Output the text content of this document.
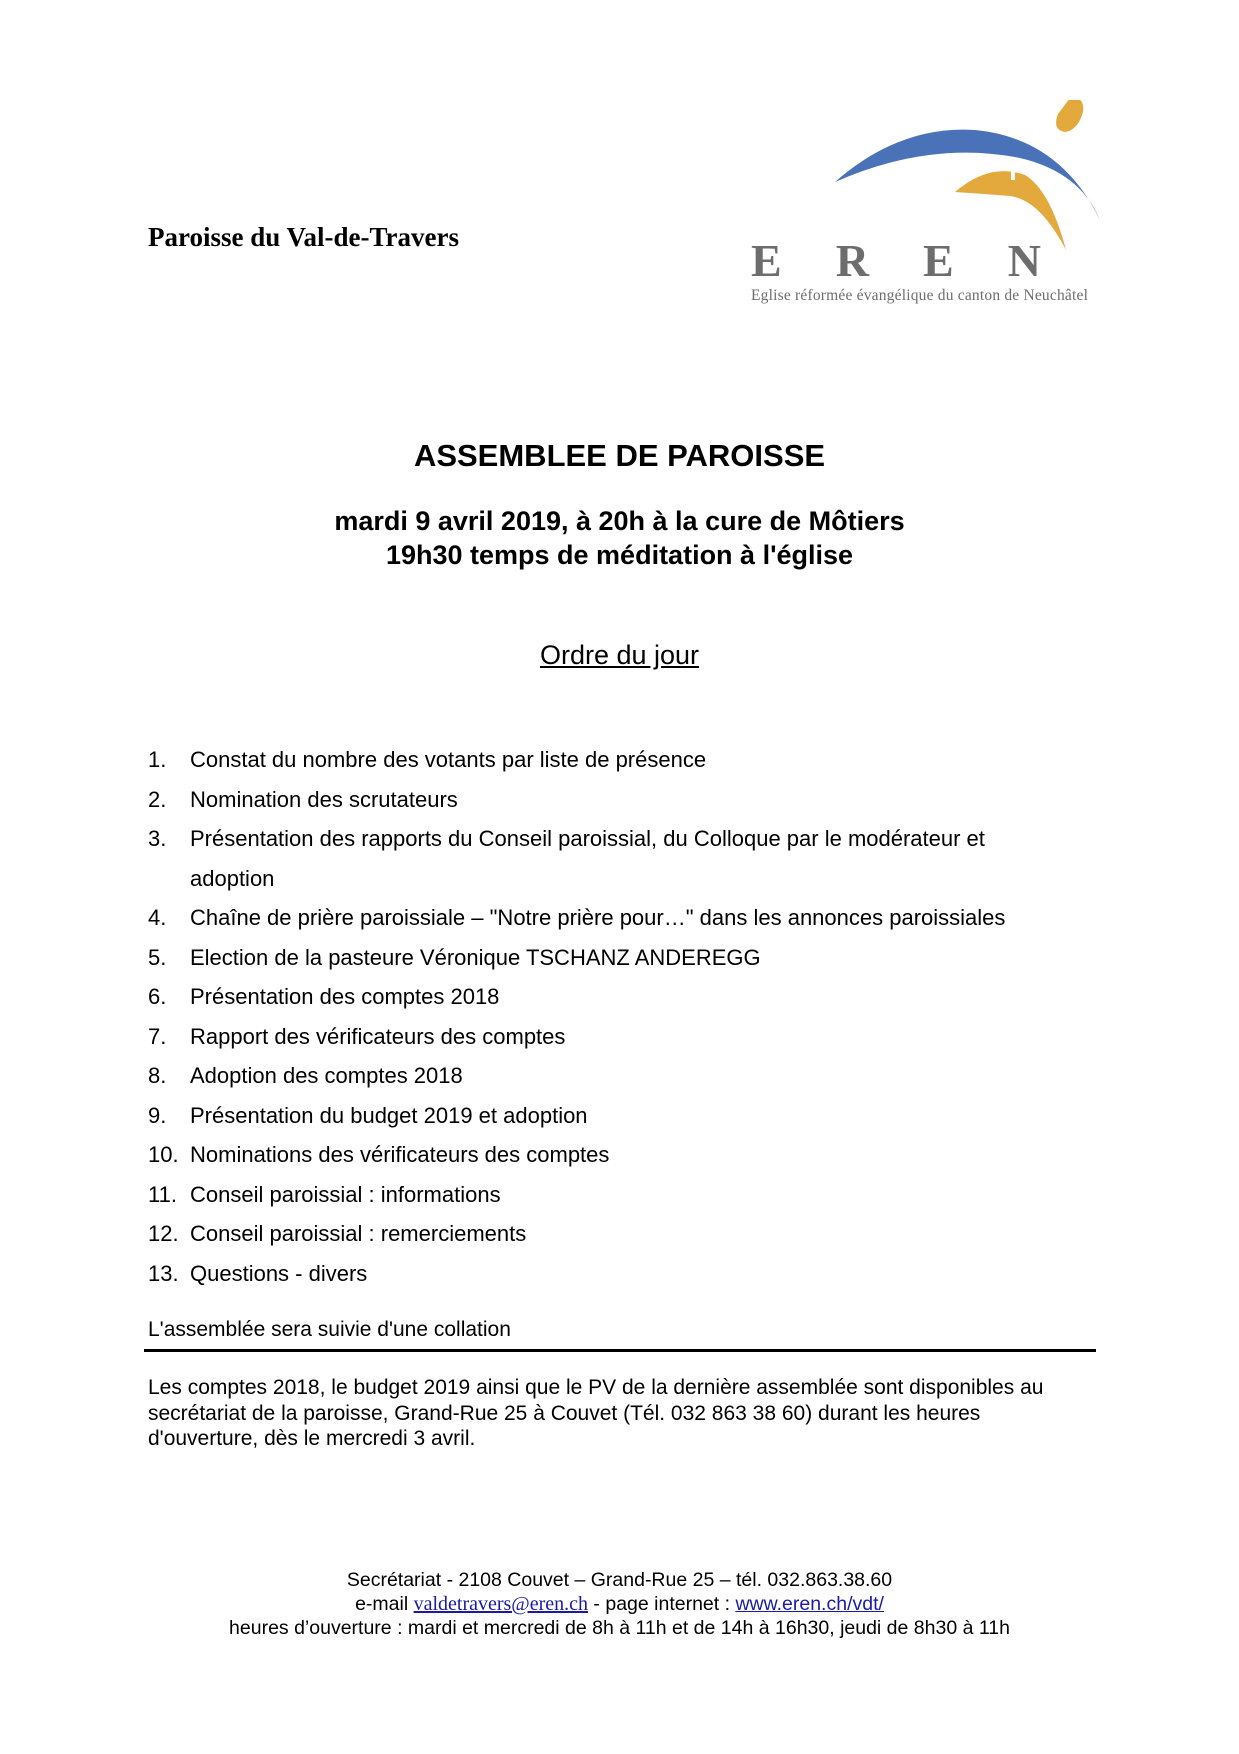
Paroisse du Val-de-Travers	E R E N
Eglise réformée évangélique du canton de Neuchâtel
ASSEMBLEE DE PAROISSE
mardi 9 avril 2019, à 20h à la cure de Môtiers
19h30 temps de méditation à l'église
Ordre du jour
1.	Constat du nombre des votants par liste de présence
2.	Nomination des scrutateurs
3.	Présentation des rapports du Conseil paroissial, du Colloque par le modérateur et adoption
4.	Chaîne de prière paroissiale – "Notre prière pour…" dans les annonces paroissiales
5.	Election de la pasteure Véronique TSCHANZ ANDEREGG
6.	Présentation des comptes 2018
7.	Rapport des vérificateurs des comptes
8.	Adoption des comptes 2018
9.	Présentation du budget 2019 et adoption
10. Nominations des vérificateurs des comptes
11. Conseil paroissial : informations
12. Conseil paroissial : remerciements
13. Questions - divers
L'assemblée sera suivie d'une collation
Les comptes 2018, le budget 2019 ainsi que le PV de la dernière assemblée sont disponibles au secrétariat de la paroisse, Grand-Rue 25 à Couvet (Tél. 032 863 38 60) durant les heures d'ouverture, dès le mercredi 3 avril.
Secrétariat - 2108 Couvet – Grand-Rue 25 – tél. 032.863.38.60
e-mail valdetravers@eren.ch - page internet : www.eren.ch/vdt/
heures d’ouverture : mardi et mercredi de 8h à 11h et de 14h à 16h30, jeudi de 8h30 à 11h
